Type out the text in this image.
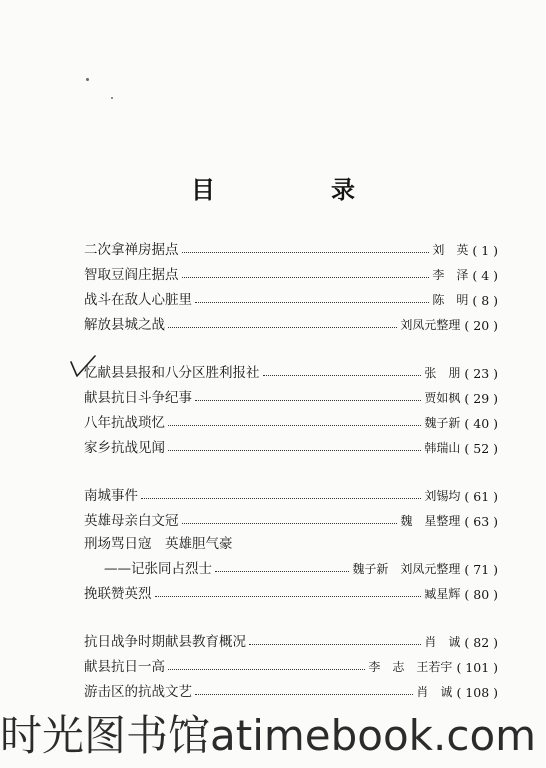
目　录
二次拿禅房据点	刘　英 ( 1 )
智取豆阎庄据点	李　泽 ( 4 )
战斗在敌人心脏里	陈　明 ( 8 )
解放县城之战	刘凤元整理 ( 20 )
忆献县县报和八分区胜利报社	张　朋 ( 23 )
献县抗日斗争纪事	贾如枫 ( 29 )
八年抗战琐忆	魏子新 ( 40 )
家乡抗战见闻	韩瑞山 ( 52 )
南城事件	刘锡均 ( 61 )
英雄母亲白文冠	魏　星整理 ( 63 )
刑场骂日寇　英雄胆气豪
——记张同占烈士	魏子新　刘凤元整理 ( 71 )
挽联赞英烈	臧星辉 ( 80 )
抗日战争时期献县教育概况	肖　诚 ( 82 )
献县抗日一高	李　志　王若宇 ( 101 )
游击区的抗战文艺	肖　诚 ( 108 )
时光图书馆atimebook.com
